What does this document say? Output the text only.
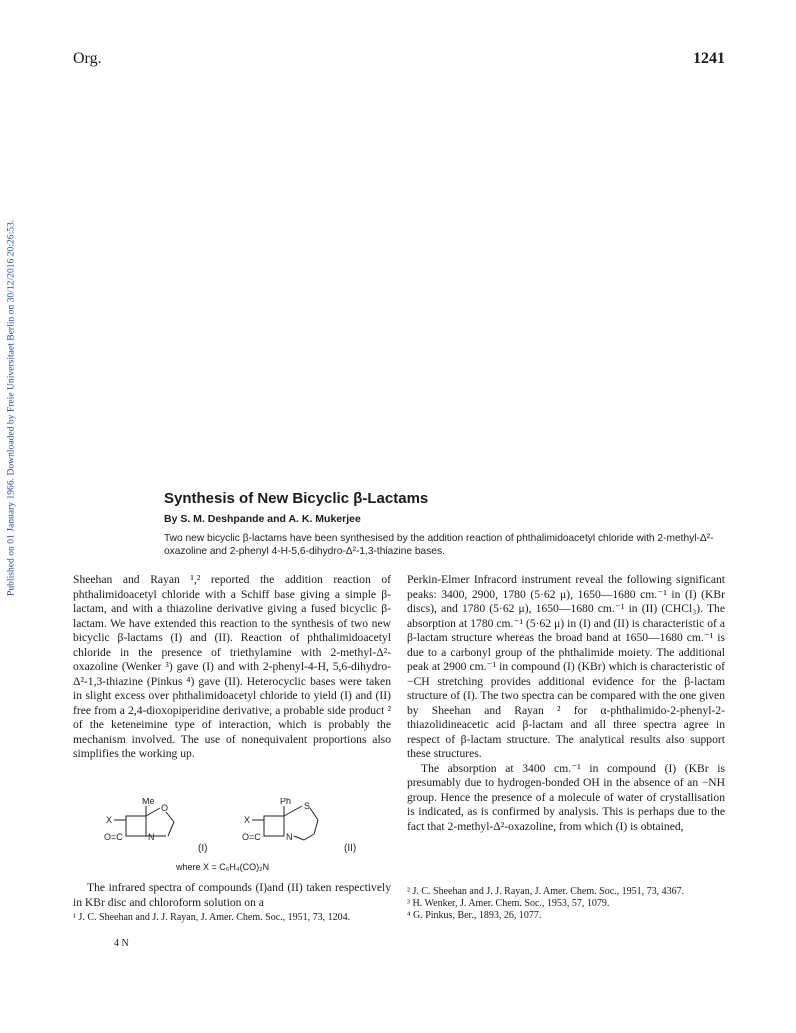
Org.	1241
Published on 01 January 1966. Downloaded by Freie Universitaet Berlin on 30/12/2016 20:26:53.	Synthesis of New Bicyclic β-Lactams
By S. M. Deshpande and A. K. Mukerjee
Two new bicyclic β-lactams have been synthesised by the addition reaction of phthalimidoacetyl chloride with 2-methyl-Δ²-oxazoline and 2-phenyl 4-H-5,6-dihydro-Δ²-1,3-thiazine bases.

Sheehan and Rayan ¹,² reported the addition reaction of phthalimidoacetyl chloride with a Schiff base giving a simple β-lactam, and with a thiazoline derivative giving a fused bicyclic β-lactam. We have extended this reaction to the synthesis of two new bicyclic β-lactams (I) and (II). Reaction of phthalimidoacetyl chloride in the presence of triethylamine with 2-methyl-Δ²-oxazoline (Wenker ³) gave (I) and with 2-phenyl-4-H, 5,6-dihydro-Δ²-1,3-thiazine (Pinkus ⁴) gave (II). Heterocyclic bases were taken in slight excess over phthalimidoacetyl chloride to yield (I) and (II) free from a 2,4-dioxopiperidine derivative, a probable side product ² of the keteneimine type of interaction, which is probably the mechanism involved. The use of nonequivalent proportions also simplifies the working up.

Me
X
O
N
O=C
Ph
X
S
N
O=C
(I)	(II)
where X = C₆H₄(CO)₂N

The infrared spectra of compounds (I)and (II) taken respectively in KBr disc and chloroform solution on a

¹ J. C. Sheehan and J. J. Rayan, J. Amer. Chem. Soc., 1951, 73, 1204.

4 N

Perkin-Elmer Infracord instrument reveal the following significant peaks: 3400, 2900, 1780 (5·62 μ), 1650—1680 cm.⁻¹ in (I) (KBr discs), and 1780 (5·62 μ), 1650—1680 cm.⁻¹ in (II) (CHCl₃). The absorption at 1780 cm.⁻¹ (5·62 μ) in (I) and (II) is characteristic of a β-lactam structure whereas the broad band at 1650—1680 cm.⁻¹ is due to a carbonyl group of the phthalimide moiety. The additional peak at 2900 cm.⁻¹ in compound (I) (KBr) which is characteristic of −CH stretching provides additional evidence for the β-lactam structure of (I). The two spectra can be compared with the one given by Sheehan and Rayan ² for α-phthalimido-2-phenyl-2-thiazolidineacetic acid β-lactam and all three spectra agree in respect of β-lactam structure. The analytical results also support these structures.

The absorption at 3400 cm.⁻¹ in compound (I) (KBr is presumably due to hydrogen-bonded OH in the absence of an −NH group. Hence the presence of a molecule of water of crystallisation is indicated, as is confirmed by analysis. This is perhaps due to the fact that 2-methyl-Δ²-oxazoline, from which (I) is obtained,

² J. C. Sheehan and J. J. Rayan, J. Amer. Chem. Soc., 1951, 73, 4367.

³ H. Wenker, J. Amer. Chem. Soc., 1953, 57, 1079.

⁴ G. Pinkus, Ber., 1893, 26, 1077.
